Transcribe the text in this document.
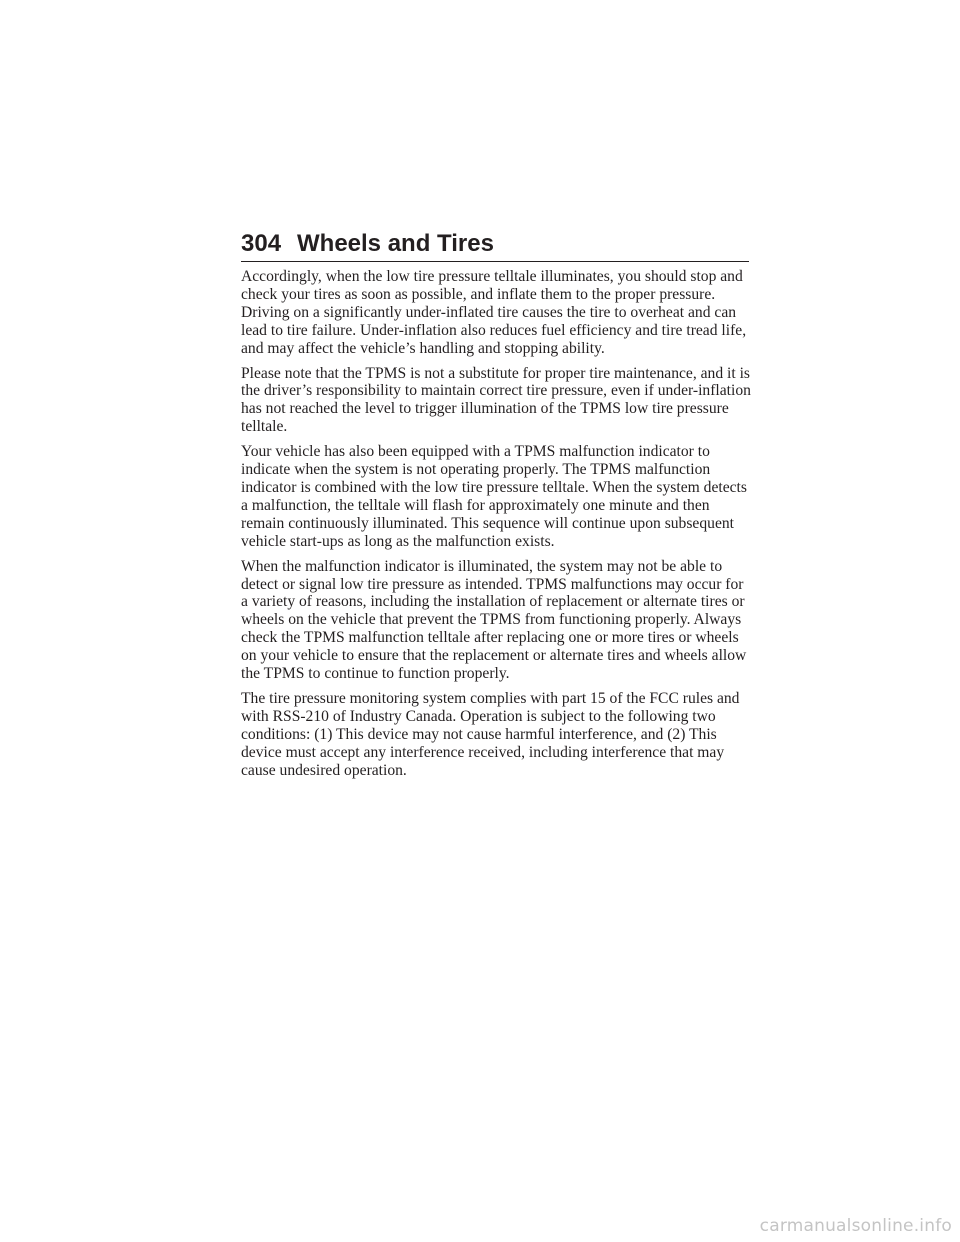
304 Wheels and Tires

Accordingly, when the low tire pressure telltale illuminates, you should stop and check your tires as soon as possible, and inflate them to the proper pressure. Driving on a significantly under-inflated tire causes the tire to overheat and can lead to tire failure. Under-inflation also reduces fuel efficiency and tire tread life, and may affect the vehicle’s handling and stopping ability.

Please note that the TPMS is not a substitute for proper tire maintenance, and it is the driver’s responsibility to maintain correct tire pressure, even if under-inflation has not reached the level to trigger illumination of the TPMS low tire pressure telltale.

Your vehicle has also been equipped with a TPMS malfunction indicator to indicate when the system is not operating properly. The TPMS malfunction indicator is combined with the low tire pressure telltale. When the system detects a malfunction, the telltale will flash for approximately one minute and then remain continuously illuminated. This sequence will continue upon subsequent vehicle start-ups as long as the malfunction exists.

When the malfunction indicator is illuminated, the system may not be able to detect or signal low tire pressure as intended. TPMS malfunctions may occur for a variety of reasons, including the installation of replacement or alternate tires or wheels on the vehicle that prevent the TPMS from functioning properly. Always check the TPMS malfunction telltale after replacing one or more tires or wheels on your vehicle to ensure that the replacement or alternate tires and wheels allow the TPMS to continue to function properly.

The tire pressure monitoring system complies with part 15 of the FCC rules and with RSS-210 of Industry Canada. Operation is subject to the following two conditions: (1) This device may not cause harmful interference, and (2) This device must accept any interference received, including interference that may cause undesired operation.

carmanualsonline.info
